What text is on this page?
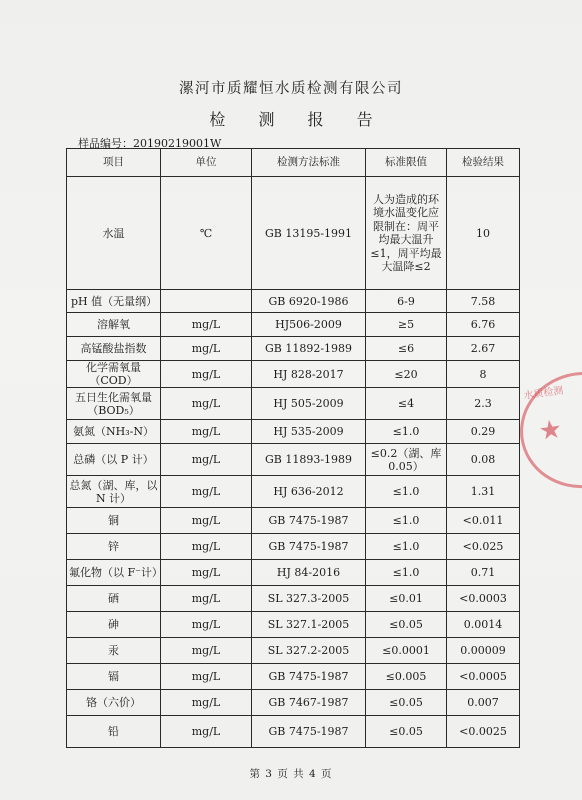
漯河市质耀恒水质检测有限公司
检 测 报 告
样品编号：20190219001W
项目	单位	检测方法标准	标准限值	检验结果
水温	℃	GB 13195-1991	人为造成的环境水温变化应限制在：周平均最大温升≤1，周平均最大温降≤2	10
pH 值（无量纲）		GB 6920-1986	6-9	7.58
溶解氧	mg/L	HJ506-2009	≥5	6.76
高锰酸盐指数	mg/L	GB 11892-1989	≤6	2.67
化学需氧量（COD）	mg/L	HJ 828-2017	≤20	8
五日生化需氧量（BOD₅）	mg/L	HJ 505-2009	≤4	2.3
氨氮（NH₃-N）	mg/L	HJ 535-2009	≤1.0	0.29
总磷（以 P 计）	mg/L	GB 11893-1989	≤0.2（湖、库 0.05）	0.08
总氮（湖、库，以 N 计）	mg/L	HJ 636-2012	≤1.0	1.31
铜	mg/L	GB 7475-1987	≤1.0	<0.011
锌	mg/L	GB 7475-1987	≤1.0	<0.025
氟化物（以 F⁻计）	mg/L	HJ 84-2016	≤1.0	0.71
硒	mg/L	SL 327.3-2005	≤0.01	<0.0003
砷	mg/L	SL 327.1-2005	≤0.05	0.0014
汞	mg/L	SL 327.2-2005	≤0.0001	0.00009
镉	mg/L	GB 7475-1987	≤0.005	<0.0005
铬（六价）	mg/L	GB 7467-1987	≤0.05	0.007
铅	mg/L	GB 7475-1987	≤0.05	<0.0025
水质检测
★
第 3 页 共 4 页
